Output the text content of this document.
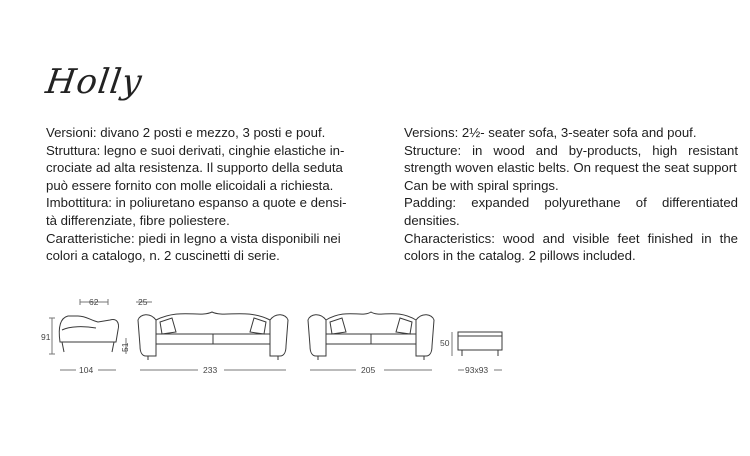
Holly

Versioni: divano 2 posti e mezzo, 3 posti e pouf.

Struttura: legno e suoi derivati, cinghie elastiche in-

crociate ad alta resistenza. Il supporto della seduta

può essere fornito con molle elicoidali a richiesta.

Imbottitura: in poliuretano espanso a quote e densi-

tà differenziate, fibre poliestere.

Caratteristiche: piedi in legno a vista disponibili nei

colori a catalogo, n. 2 cuscinetti di serie.

Versions: 2½- seater sofa, 3-seater sofa and pouf.

Structure: in wood and by-products, high resistant strength woven elastic belts. On request the seat support

Can be with spiral springs.

Padding: expanded polyurethane of differentiated densities.

Characteristics: wood and visible feet finished in the colors in the catalog. 2 pillows included.

62
91
104
51
25
233	205
50
93x93
